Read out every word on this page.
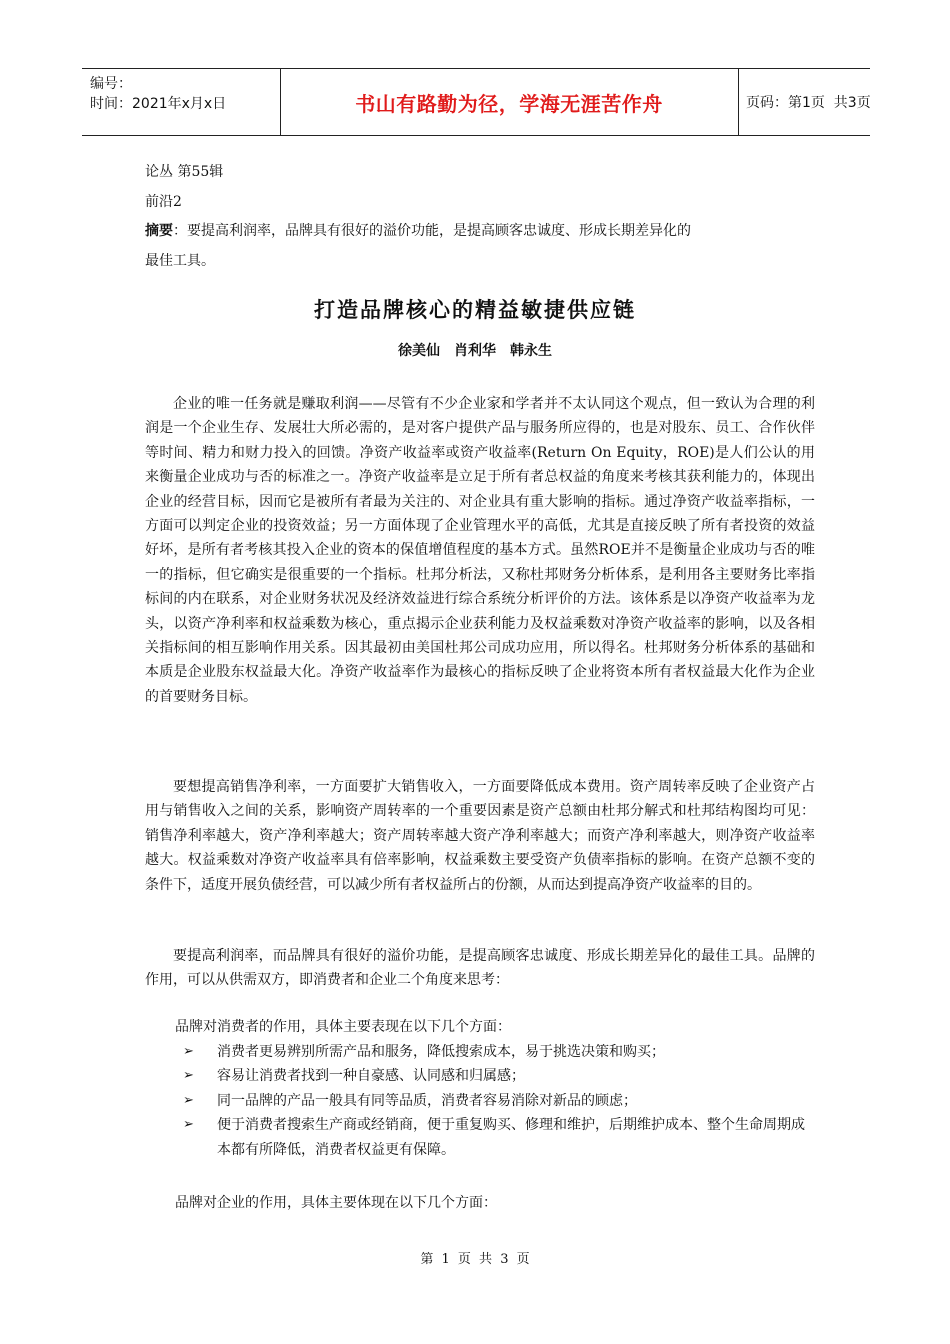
编号：
时间：2021年x月x日	书山有路勤为径，学海无涯苦作舟	页码：第1页  共3页
论丛 第55辑
前沿2
摘要：要提高利润率，品牌具有很好的溢价功能，是提高顾客忠诚度、形成长期差异化的
最佳工具。
打造品牌核心的精益敏捷供应链
徐美仙　肖利华　韩永生

企业的唯一任务就是赚取利润——尽管有不少企业家和学者并不太认同这个观点，但一致认为合理的利润是一个企业生存、发展壮大所必需的，是对客户提供产品与服务所应得的，也是对股东、员工、合作伙伴等时间、精力和财力投入的回馈。净资产收益率或资产收益率(Return On Equity，ROE)是人们公认的用来衡量企业成功与否的标准之一。净资产收益率是立足于所有者总权益的角度来考核其获利能力的，体现出企业的经营目标，因而它是被所有者最为关注的、对企业具有重大影响的指标。通过净资产收益率指标，一方面可以判定企业的投资效益；另一方面体现了企业管理水平的高低，尤其是直接反映了所有者投资的效益好坏，是所有者考核其投入企业的资本的保值增值程度的基本方式。虽然ROE并不是衡量企业成功与否的唯一的指标，但它确实是很重要的一个指标。杜邦分析法，又称杜邦财务分析体系，是利用各主要财务比率指标间的内在联系，对企业财务状况及经济效益进行综合系统分析评价的方法。该体系是以净资产收益率为龙头，以资产净利率和权益乘数为核心，重点揭示企业获利能力及权益乘数对净资产收益率的影响，以及各相关指标间的相互影响作用关系。因其最初由美国杜邦公司成功应用，所以得名。杜邦财务分析体系的基础和本质是企业股东权益最大化。净资产收益率作为最核心的指标反映了企业将资本所有者权益最大化作为企业的首要财务目标。

要想提高销售净利率，一方面要扩大销售收入，一方面要降低成本费用。资产周转率反映了企业资产占用与销售收入之间的关系，影响资产周转率的一个重要因素是资产总额由杜邦分解式和杜邦结构图均可见：销售净利率越大，资产净利率越大；资产周转率越大资产净利率越大；而资产净利率越大，则净资产收益率越大。权益乘数对净资产收益率具有倍率影响，权益乘数主要受资产负债率指标的影响。在资产总额不变的条件下，适度开展负债经营，可以减少所有者权益所占的份额，从而达到提高净资产收益率的目的。

要提高利润率，而品牌具有很好的溢价功能，是提高顾客忠诚度、形成长期差异化的最佳工具。品牌的作用，可以从供需双方，即消费者和企业二个角度来思考：

品牌对消费者的作用，具体主要表现在以下几个方面：
➢ 消费者更易辨别所需产品和服务，降低搜索成本，易于挑选决策和购买；
➢ 容易让消费者找到一种自豪感、认同感和归属感；
➢ 同一品牌的产品一般具有同等品质，消费者容易消除对新品的顾虑；
➢ 便于消费者搜索生产商或经销商，便于重复购买、修理和维护，后期维护成本、整个生命周期成本都有所降低，消费者权益更有保障。
品牌对企业的作用，具体主要体现在以下几个方面：
第 1 页 共 3 页
